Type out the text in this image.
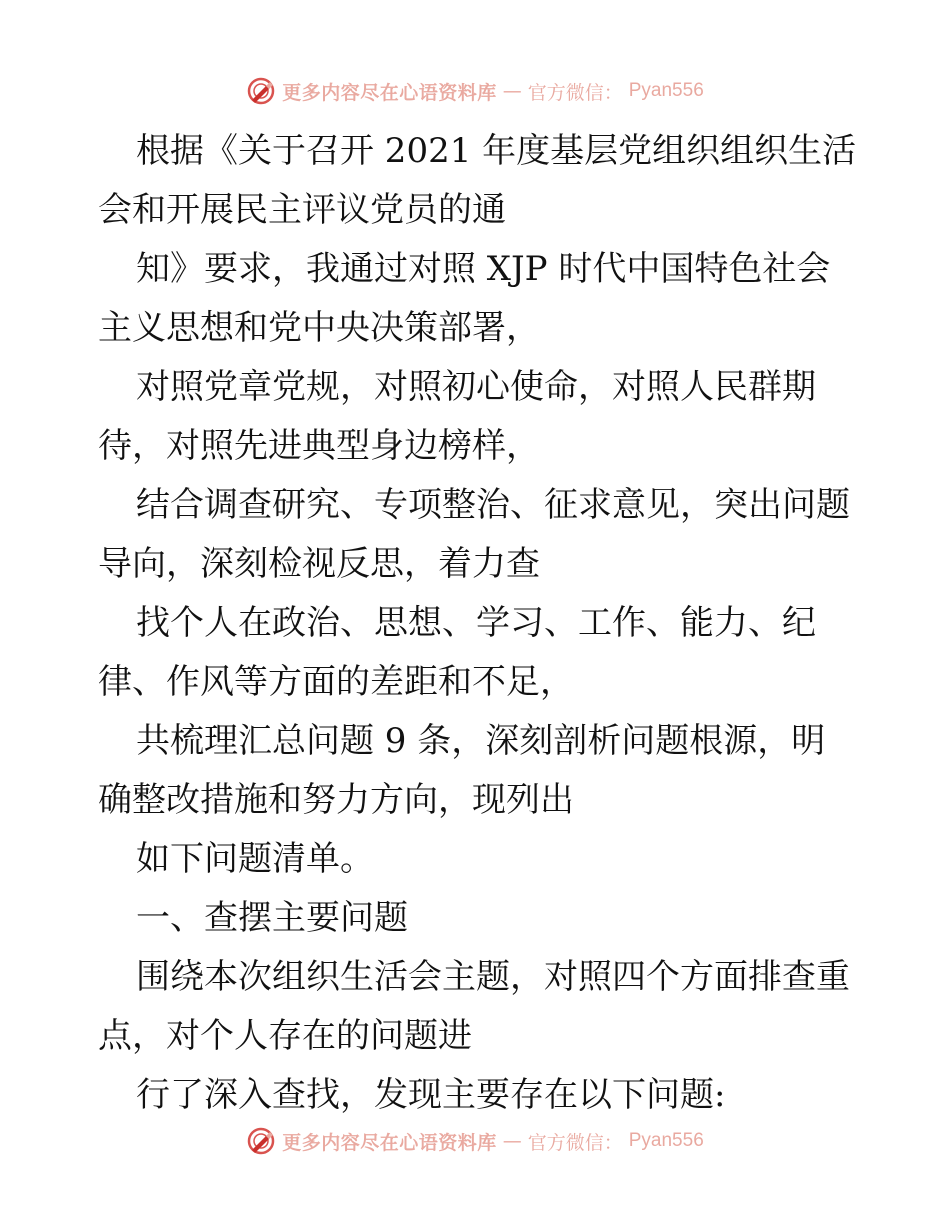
更多内容尽在心语资料库 — 官方微信： Pyan556
根据《关于召开 2021 年度基层党组织组织生活
会和开展民主评议党员的通
知》要求，我通过对照 XJP 时代中国特色社会
主义思想和党中央决策部署，
对照党章党规，对照初心使命，对照人民群期
待，对照先进典型身边榜样，
结合调查研究、专项整治、征求意见，突出问题
导向，深刻检视反思，着力查
找个人在政治、思想、学习、工作、能力、纪
律、作风等方面的差距和不足，
共梳理汇总问题 9 条，深刻剖析问题根源，明
确整改措施和努力方向，现列出
如下问题清单。
一、查摆主要问题
围绕本次组织生活会主题，对照四个方面排查重
点，对个人存在的问题进
行了深入查找，发现主要存在以下问题:
更多内容尽在心语资料库 — 官方微信： Pyan556
